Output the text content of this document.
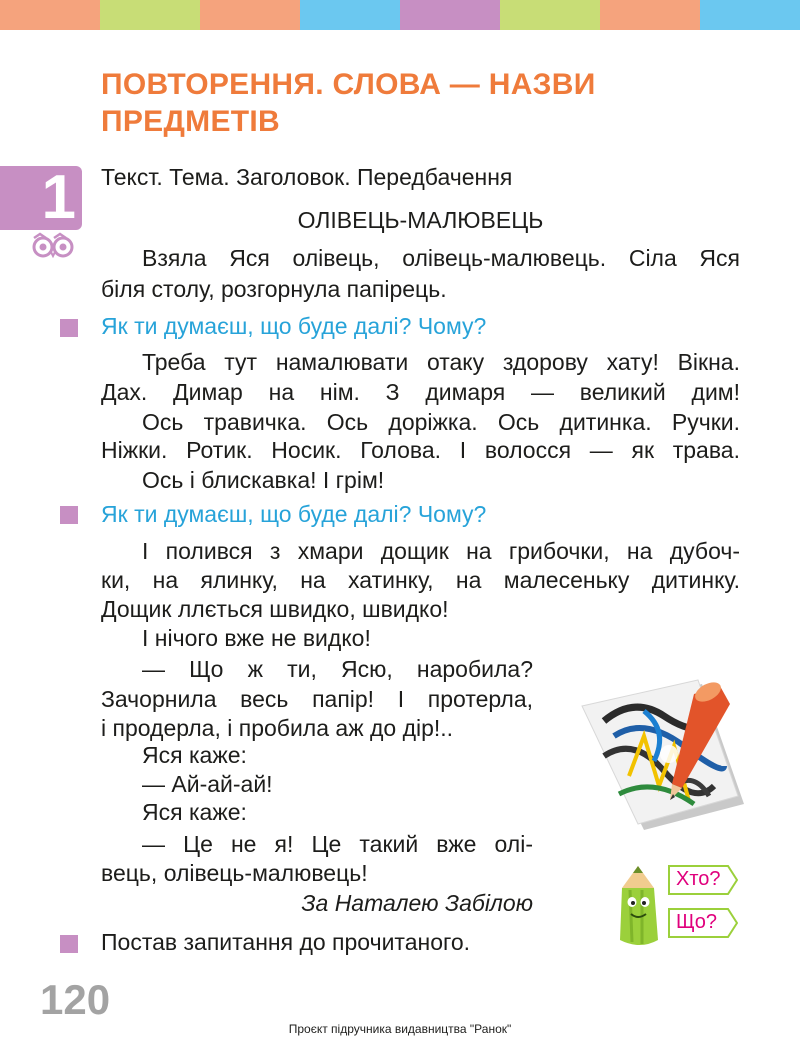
ПОВТОРЕННЯ. СЛОВА — НАЗВИ
ПРЕДМЕТІВ
1 Текст. Тема. Заголовок. Передбачення
ОЛІВЕЦЬ-МАЛЮВЕЦЬ
Взяла Яся олівець, олівець-малювець. Сіла Яся
біля столу, розгорнула папірець.
Як ти думаєш, що буде далі? Чому?
Треба тут намалювати отаку здорову хату! Вікна.
Дах. Димар на нім. З димаря — великий дим!
Ось травичка. Ось доріжка. Ось дитинка. Ручки.
Ніжки. Ротик. Носик. Голова. І волосся — як трава.
Ось і блискавка! І грім!
Як ти думаєш, що буде далі? Чому?
І полився з хмари дощик на грибочки, на дубоч-
ки, на ялинку, на хатинку, на малесеньку дитинку.
Дощик ллється швидко, швидко!
І нічого вже не видко!
— Що ж ти, Ясю, наробила?
Зачорнила весь папір! І протерла,
і продерла, і пробила аж до дір!..
Яся каже:
— Ай-ай-ай!
Яся каже:
— Це не я! Це такий вже олі-
вець, олівець-малювець!
За Наталею Забілою
Постав запитання до прочитаного.
Хто?
Що?
120
Проєкт підручника видавництва "Ранок"
